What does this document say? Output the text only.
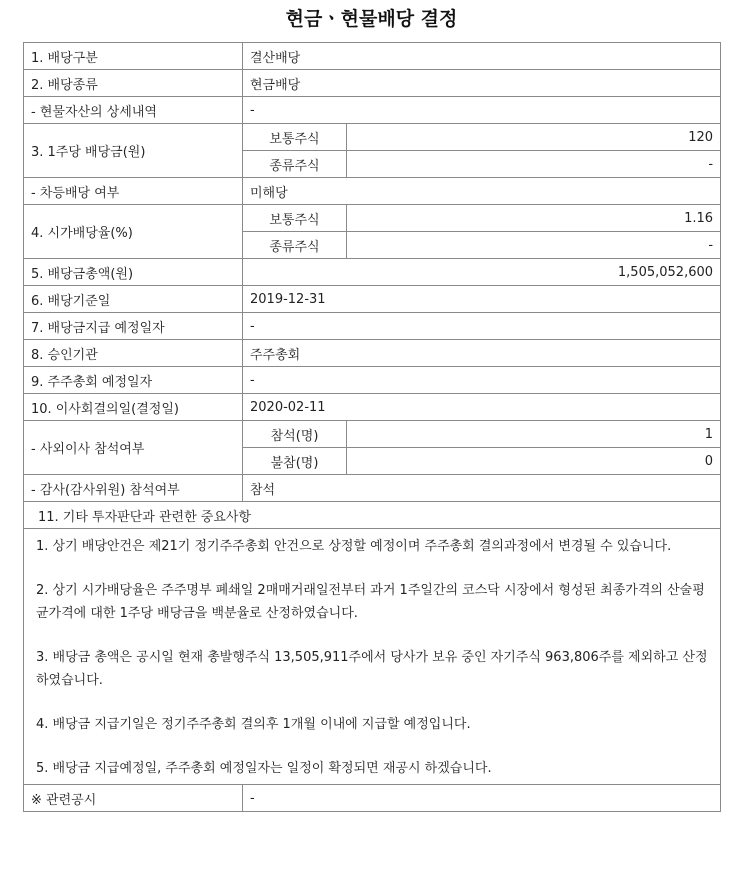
현금ㆍ현물배당 결정
1. 배당구분	결산배당	
2. 배당종류	현금배당	
- 현물자산의 상세내역	-	
3. 1주당 배당금(원)	보통주식	120
	종류주식	-
- 차등배당 여부	미해당	
4. 시가배당율(%)	보통주식	1.16
	종류주식	-
5. 배당금총액(원)	1,505,052,600	
6. 배당기준일	2019-12-31	
7. 배당금지급 예정일자	-	
8. 승인기관	주주총회	
9. 주주총회 예정일자	-	
10. 이사회결의일(결정일)	2020-02-11	
- 사외이사 참석여부	참석(명)	1
	불참(명)	0
- 감사(감사위원) 참석여부	참석	
11. 기타 투자판단과 관련한 중요사항		

1. 상기 배당안건은 제21기 정기주주총회 안건으로 상정할 예정이며 주주총회 결의과정에서 변경될 수 있습니다.
2. 상기 시가배당율은 주주명부 폐쇄일 2매매거래일전부터 과거 1주일간의 코스닥 시장에서 형성된 최종가격의 산술평균가격에 대한 1주당 배당금을 백분율로 산정하였습니다.
3. 배당금 총액은 공시일 현재 총발행주식 13,505,911주에서 당사가 보유 중인 자기주식 963,806주를 제외하고 산정하였습니다.
4. 배당금 지급기일은 정기주주총회 결의후 1개월 이내에 지급할 예정입니다.
5. 배당금 지급예정일, 주주총회 예정일자는 일정이 확정되면 재공시 하겠습니다.		

※ 관련공시	-	
